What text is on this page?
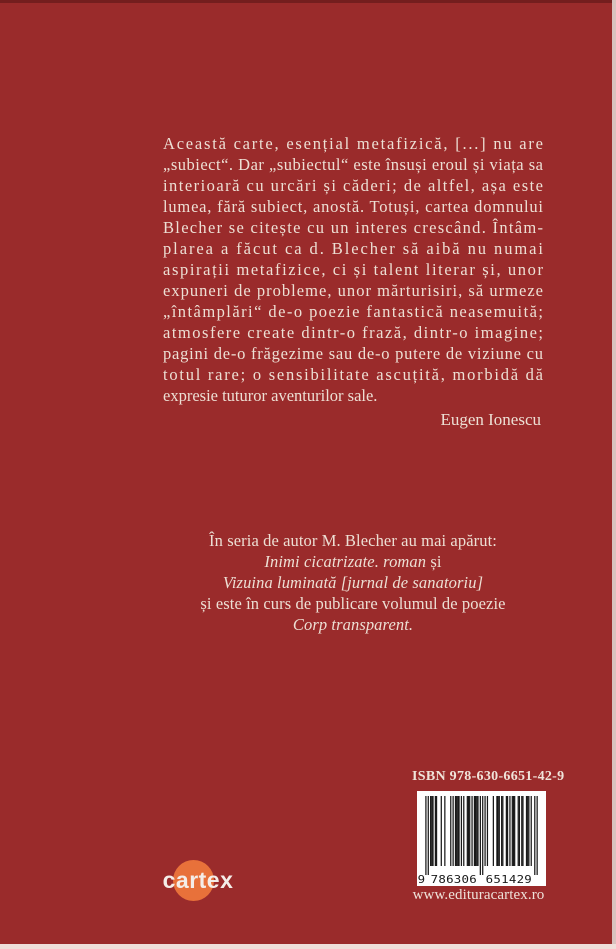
Această carte, esențial metafizică, [...] nu are
„subiect“. Dar „subiectul“ este însuși eroul și viața sa
interioară cu urcări și căderi; de altfel, așa este
lumea, fără subiect, anostă. Totuși, cartea domnului
Blecher se citește cu un interes crescând. Întâm-
plarea a făcut ca d. Blecher să aibă nu numai
aspirații metafizice, ci și talent literar și, unor
expuneri de probleme, unor mărturisiri, să urmeze
„întâmplări“ de-o poezie fantastică neasemuită;
atmosfere create dintr-o frază, dintr-o imagine;
pagini de-o frăgezime sau de-o putere de viziune cu
totul rare; o sensibilitate ascuțită, morbidă dă
expresie tuturor aventurilor sale.
Eugen Ionescu
În seria de autor M. Blecher au mai apărut:
Inimi cicatrizate. roman și
Vizuina luminată [jurnal de sanatoriu]
și este în curs de publicare volumul de poezie
Corp transparent.
ISBN 978-630-6651-42-9
9 786306 651429
www.edituracartex.ro
cartex
